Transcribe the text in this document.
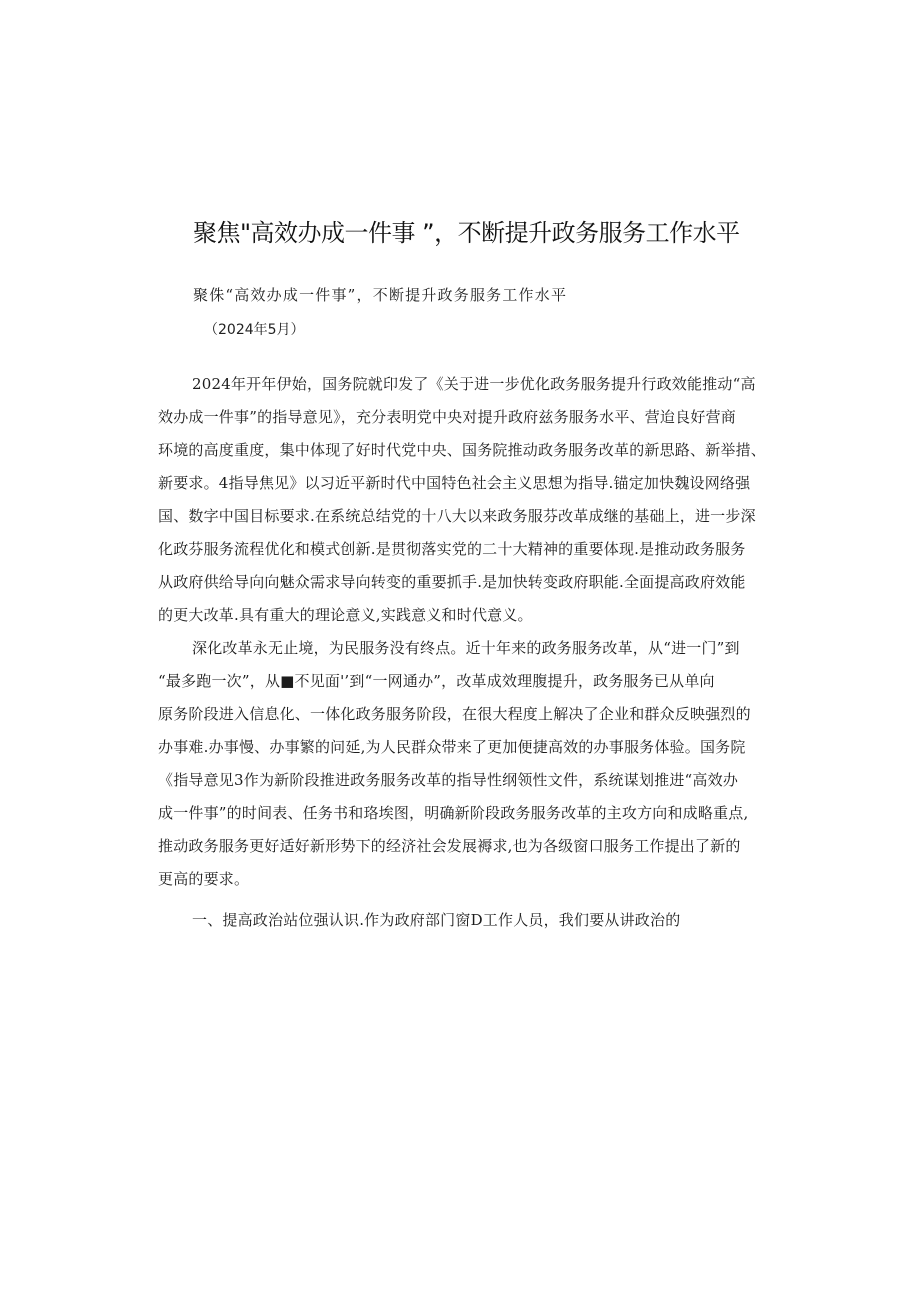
聚焦"高效办成一件事 ”，不断提升政务服务工作水平
聚侏“高效办成一件事”，不断提升政务服务工作水平
（2024年5月）
2024年开年伊始，国务院就印发了《关于进一步优化政务服务提升行政效能推动“高
效办成一件事”的指导意见》，充分表明党中央对提升政府兹务服务水平、营迨良好营商
环境的高度重度，集中体现了好时代党中央、国务院推动政务服务改革的新思路、新举措、
新要求。4指导焦见》以习近平新时代中国特色社会主义思想为指导.锚定加快魏设网络强
国、数字中国目标要求.在系统总结党的十八大以来政务服芬改革成继的基础上，进一步深
化政芬服务流程优化和模式创新.是贯彻落实党的二十大精神的重要体现.是推动政务服务
从政府供给导向向魅众需求导向转变的重要抓手.是加快转变政府职能.全面提高政府效能
的更大改革.具有重大的理论意义,实践意义和时代意义。
深化改革永无止境，为民服务没有终点。近十年来的政务服务改革，从“进一门”到
“最多跑一次”，从■不见面'’到“一网通办”，改革成效理腹提升，政务服务已从单向
原务阶段进入信息化、一体化政务服务阶段，在很大程度上解决了企业和群众反映强烈的
办事难.办事慢、办事繁的问延,为人民群众带来了更加便捷高效的办事服务体验。国务院
《指导意见3作为新阶段推进政务服务改革的指导性纲领性文件，系统谋划推进“高效办
成一件事”的时间表、任务书和珞埃图，明确新阶段政务服务改革的主攻方向和成略重点,
推动政务服务更好适好新形势下的经济社会发展褥求,也为各级窗口服务工作提出了新的
更高的要求。
一、提高政治站位强认识.作为政府部门窗D工作人员，我们要从讲政治的
